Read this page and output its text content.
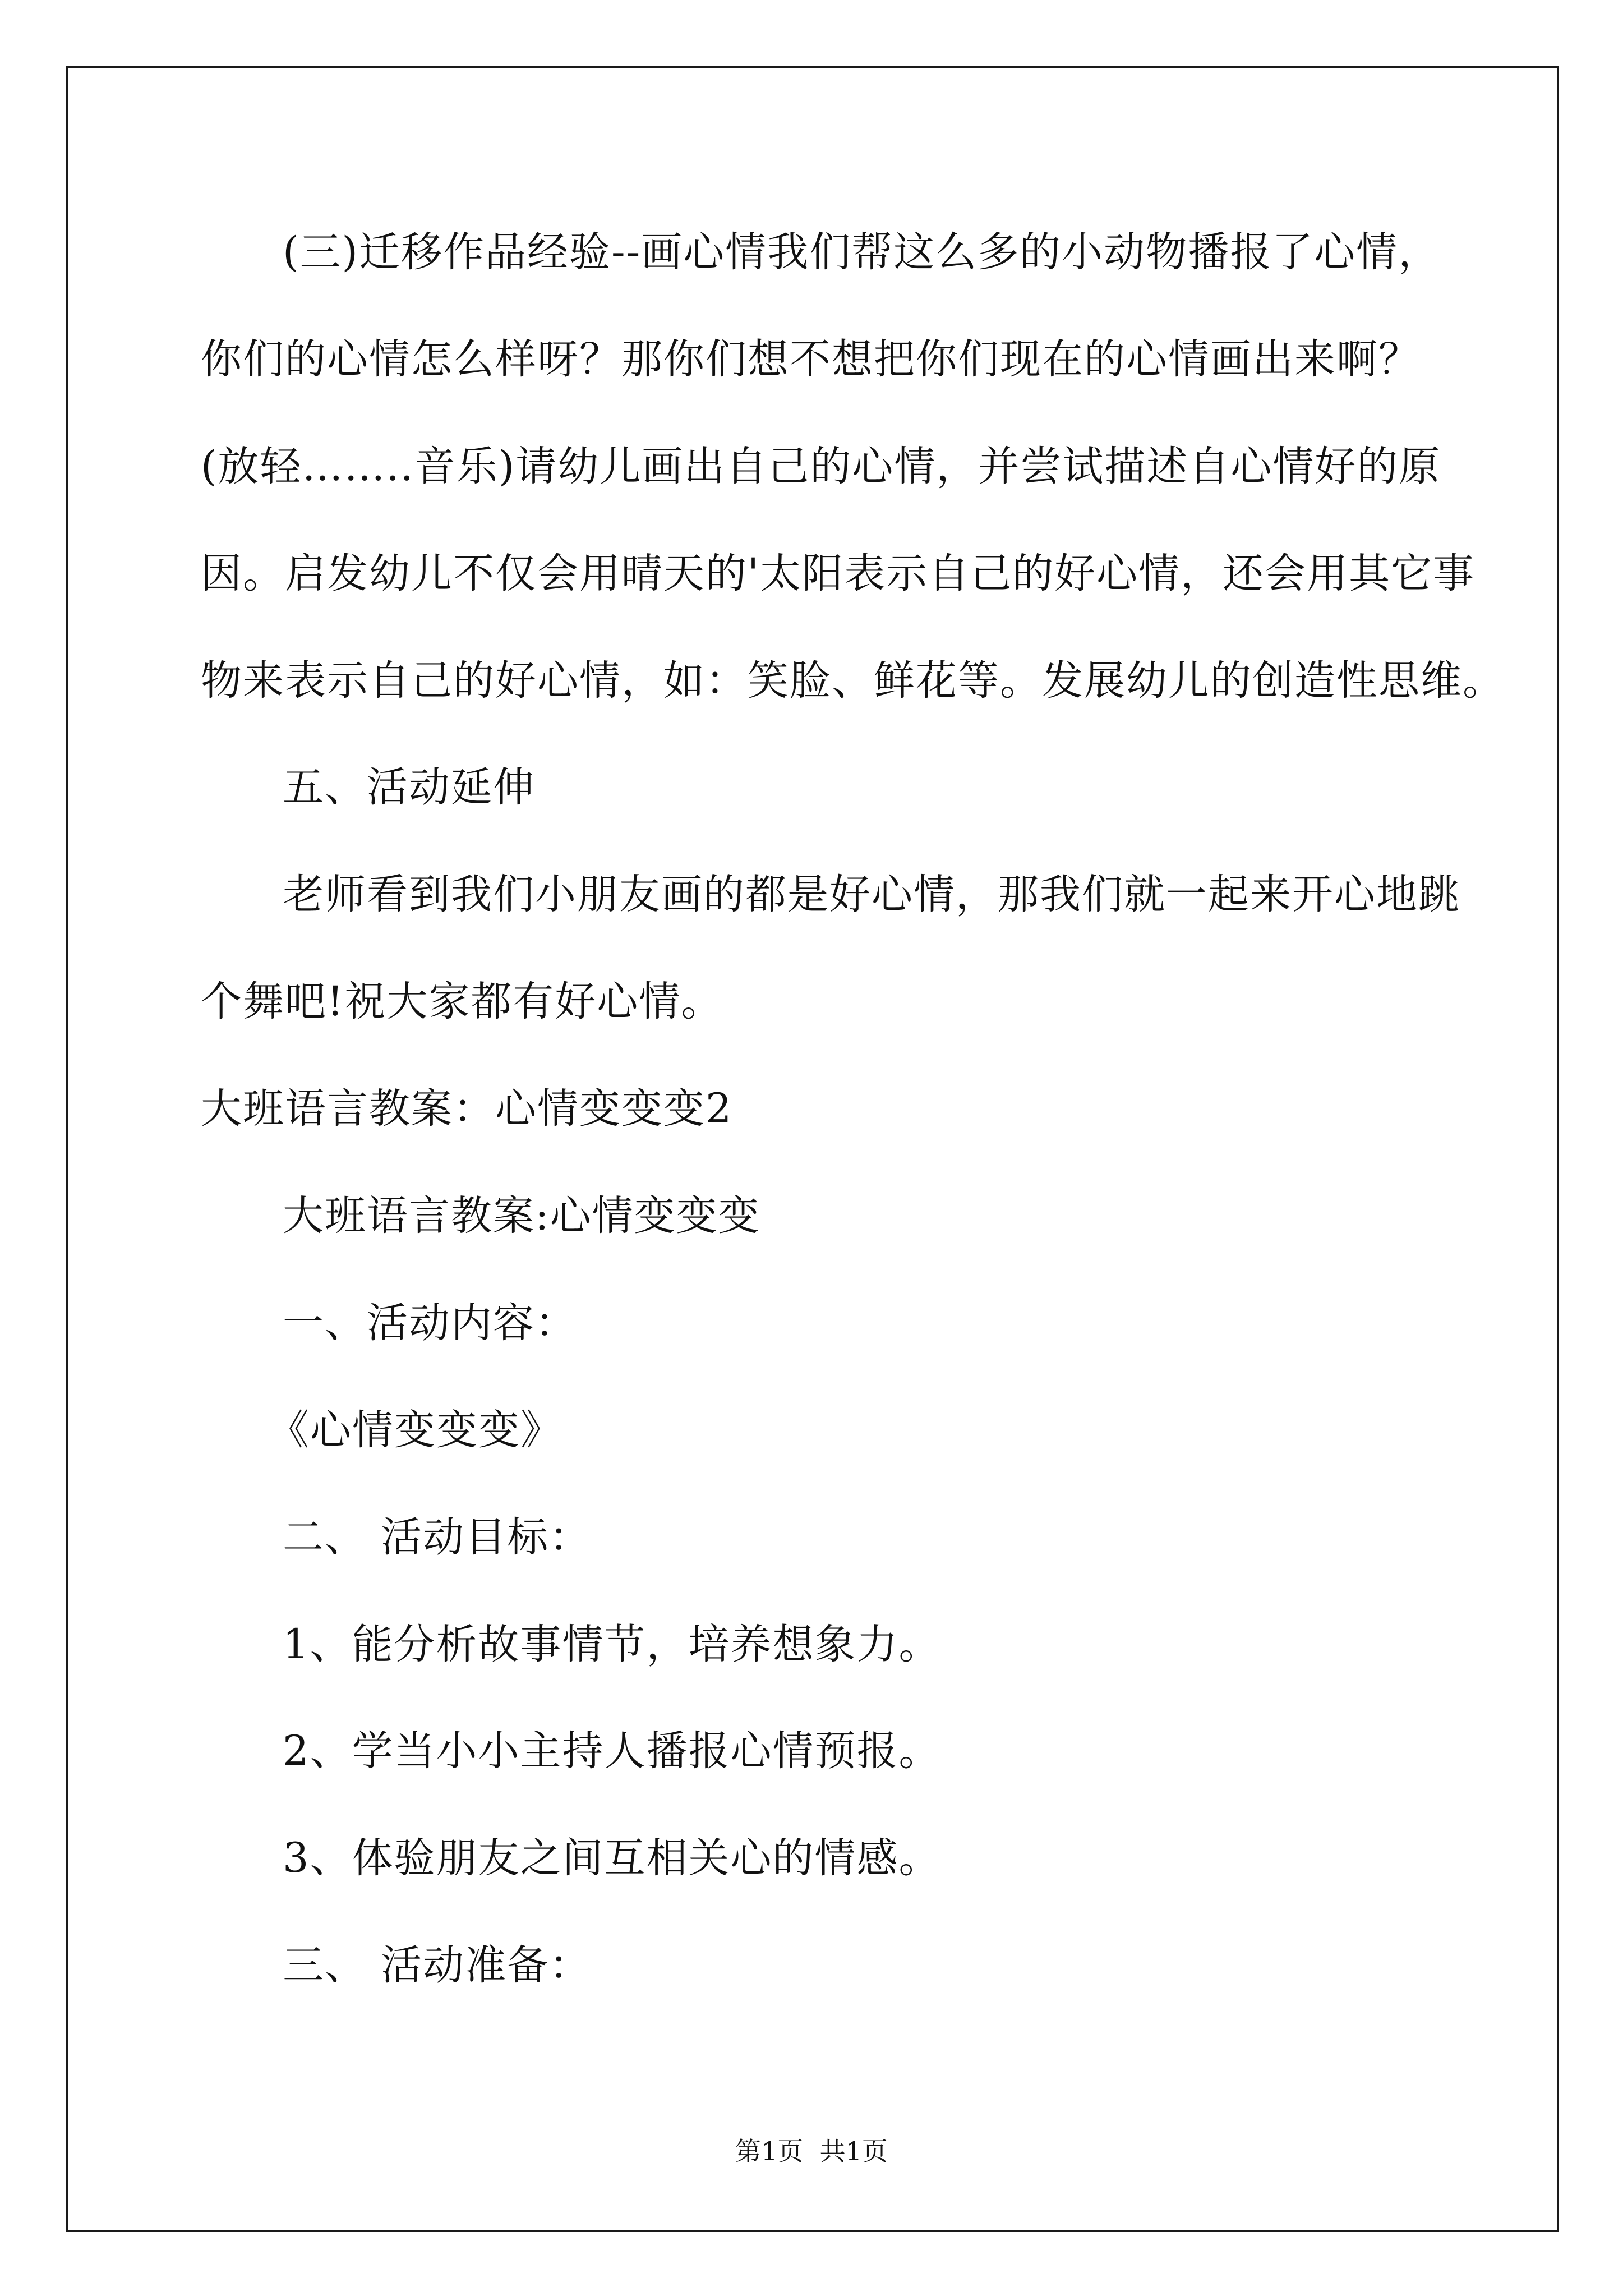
(三)迁移作品经验--画心情我们帮这么多的小动物播报了心情，
你们的心情怎么样呀？那你们想不想把你们现在的心情画出来啊？
(放轻……..音乐)请幼儿画出自己的心情，并尝试描述自心情好的原
因。启发幼儿不仅会用晴天的'太阳表示自己的好心情，还会用其它事
物来表示自己的好心情，如：笑脸、鲜花等。发展幼儿的创造性思维。
五、活动延伸
老师看到我们小朋友画的都是好心情，那我们就一起来开心地跳
个舞吧!祝大家都有好心情。
大班语言教案：心情变变变2
大班语言教案:心情变变变
一、活动内容：
《心情变变变》
二、 活动目标：
1、能分析故事情节，培养想象力。
2、学当小小主持人播报心情预报。
3、体验朋友之间互相关心的情感。
三、 活动准备：
第1页  共1页
